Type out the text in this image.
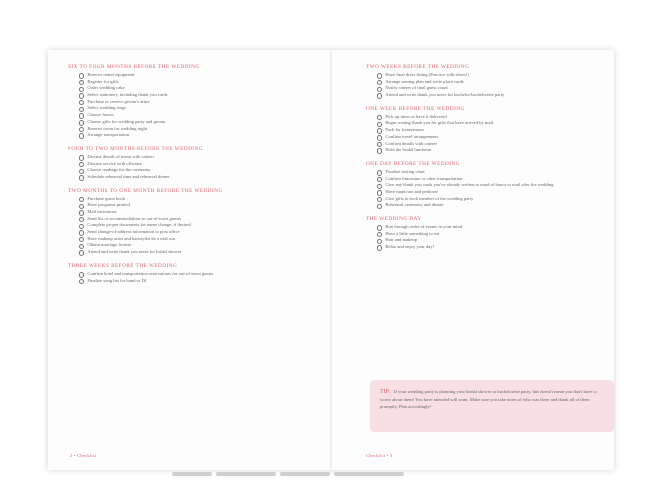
SIX TO FOUR MONTHS BEFORE THE WEDDING
Reserve rental equipment
Register for gifts
Order wedding cake
Select stationery, including thank you cards
Purchase or reserve groom's attire
Select wedding rings
Choose favors
Choose gifts for wedding party and groom
Reserve room for wedding night
Arrange transportation
FOUR TO TWO MONTHS BEFORE THE WEDDING
Discuss details of menu with caterer
Discuss service with officiant
Choose readings for the ceremony
Schedule rehearsal time and rehearsal dinner
TWO MONTHS TO ONE MONTH BEFORE THE WEDDING
Purchase guest book
Have programs printed
Mail invitations
Send list of accommodations to out-of-town guests
Complete proper documents for name change, if desired
Send change-of-address information to post office
Have makeup artist and hairstylist do a trial run
Obtain marriage license
Attend and write thank you notes for bridal shower
THREE WEEKS BEFORE THE WEDDING
Confirm hotel and transportation reservations for out-of-town guests
Finalize song list for band or DJ
TWO WEEKS BEFORE THE WEDDING
Have final dress fitting (Practice with shoes!)
Arrange seating plan and write place cards
Notify caterer of final guest count
Attend and write thank you notes for bachelor/bachelorette party
ONE WEEK BEFORE THE WEDDING
Pick up dress or have it delivered
Begin writing thank you for gifts that have arrived by mail
Pack for honeymoon
Confirm travel arrangements
Confirm details with caterer
Hold the bridal luncheon
ONE DAY BEFORE THE WEDDING
Finalize seating chart
Confirm limousine or other transportation
Give any thank you cards you've already written to maid of honor to mail after the wedding
Have manicure and pedicure
Give gifts to each member of the wedding party
Rehearsal ceremony and dinner
THE WEDDING DAY
Run through order of events in your mind
Have a little something to eat
Hair and makeup
Relax and enjoy your day!
TIP: If your wedding party is planning your bridal shower or bachelorette party, this doesn't mean you don't have to worry about them! You have attended will want. Make sure you take notes of who was there and thank all of them promptly. Plan accordingly!
2 • Checklist	Checklist • 3
